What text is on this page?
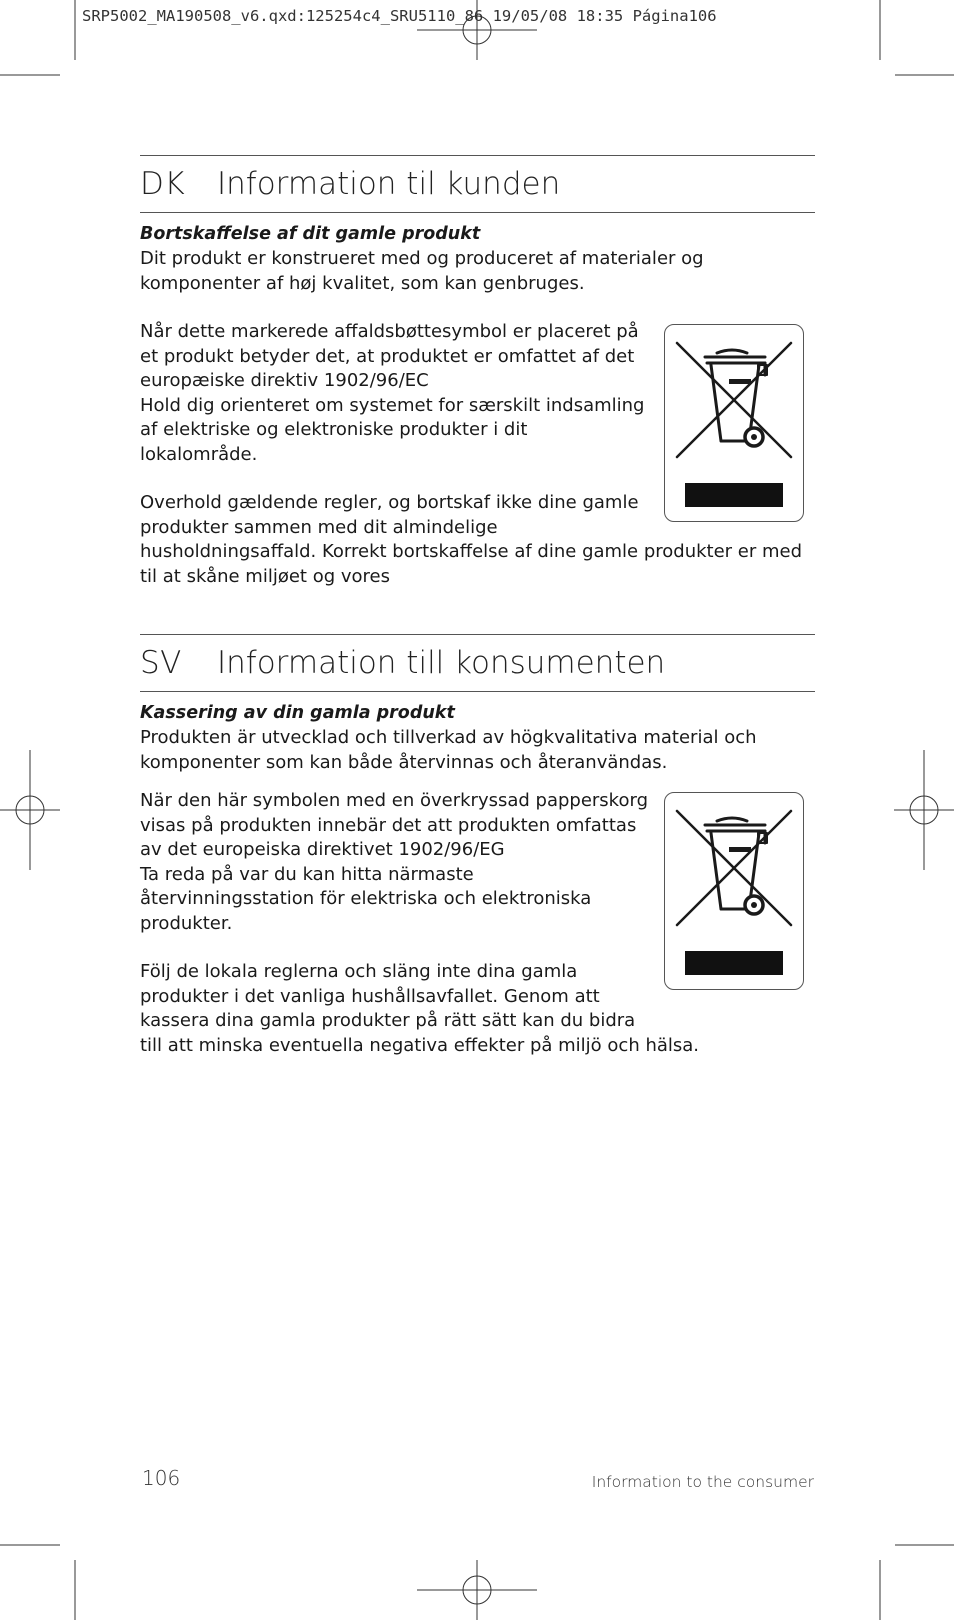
SRP5002_MA190508_v6.qxd:125254c4_SRU5110_86 19/05/08 18:35 Página106
DK	Information til kunden
Bortskaffelse af dit gamle produkt
Dit produkt er konstrueret med og produceret af materialer og komponenter af høj kvalitet, som kan genbruges.
Når dette markerede affaldsbøttesymbol er placeret på et produkt betyder det, at produktet er omfattet af det europæiske direktiv 1902/96/EC
Hold dig orienteret om systemet for særskilt indsamling af elektriske og elektroniske produkter i dit lokalområde.
Overhold gældende regler, og bortskaf ikke dine gamle produkter sammen med dit almindelige
husholdningsaffald. Korrekt bortskaffelse af dine gamle produkter er med til at skåne miljøet og vores
SV	Information till konsumenten
Kassering av din gamla produkt
Produkten är utvecklad och tillverkad av högkvalitativa material och komponenter som kan både återvinnas och återanvändas.
När den här symbolen med en överkryssad papperskorg visas på produkten innebär det att produkten omfattas av det europeiska direktivet 1902/96/EG
Ta reda på var du kan hitta närmaste återvinningsstation för elektriska och elektroniska produkter.
Följ de lokala reglerna och släng inte dina gamla produkter i det vanliga hushållsavfallet. Genom att kassera dina gamla produkter på rätt sätt kan du bidra
till att minska eventuella negativa effekter på miljö och hälsa.
106	Information to the consumer
